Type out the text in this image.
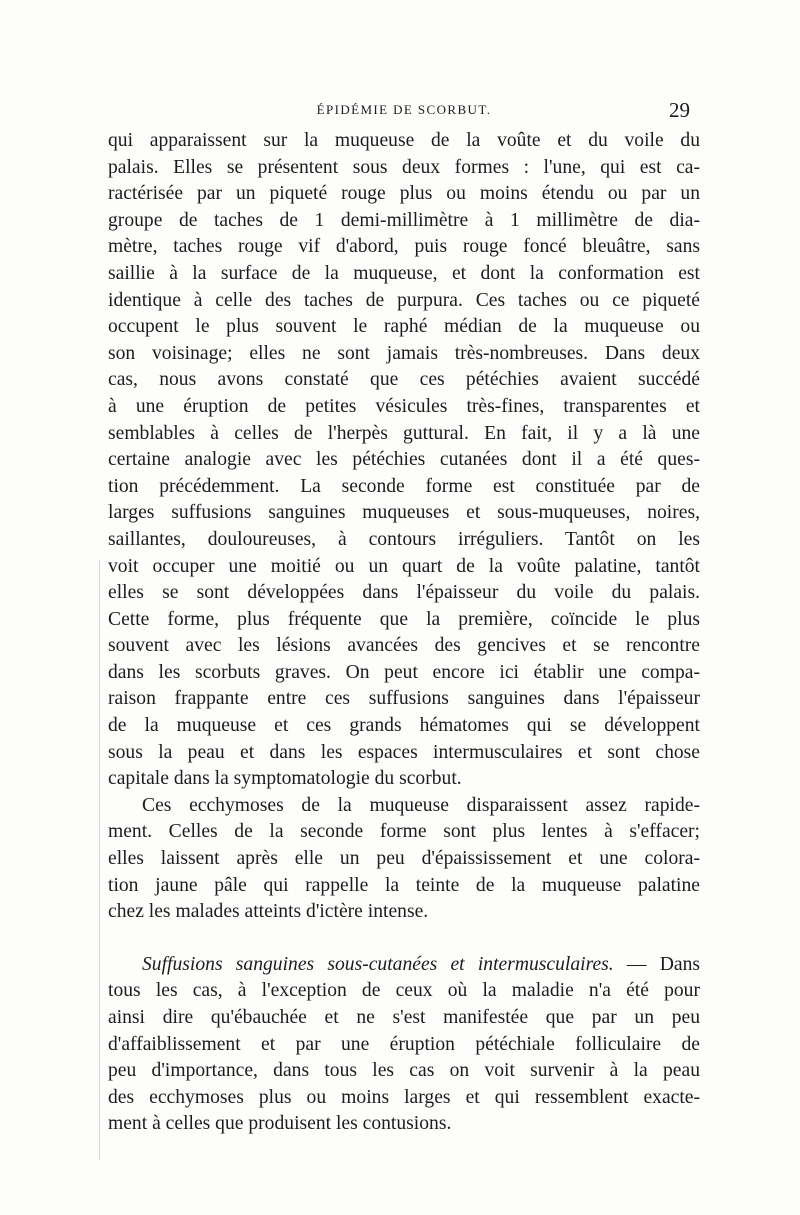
ÉPIDÉMIE DE SCORBUT.	29
qui apparaissent sur la muqueuse de la voûte et du voile du
palais. Elles se présentent sous deux formes : l'une, qui est ca-
ractérisée par un piqueté rouge plus ou moins étendu ou par un
groupe de taches de 1 demi-millimètre à 1 millimètre de dia-
mètre, taches rouge vif d'abord, puis rouge foncé bleuâtre, sans
saillie à la surface de la muqueuse, et dont la conformation est
identique à celle des taches de purpura. Ces taches ou ce piqueté
occupent le plus souvent le raphé médian de la muqueuse ou
son voisinage; elles ne sont jamais très-nombreuses. Dans deux
cas, nous avons constaté que ces pétéchies avaient succédé
à une éruption de petites vésicules très-fines, transparentes et
semblables à celles de l'herpès guttural. En fait, il y a là une
certaine analogie avec les pétéchies cutanées dont il a été ques-
tion précédemment. La seconde forme est constituée par de
larges suffusions sanguines muqueuses et sous-muqueuses, noires,
saillantes, douloureuses, à contours irréguliers. Tantôt on les
voit occuper une moitié ou un quart de la voûte palatine, tantôt
elles se sont développées dans l'épaisseur du voile du palais.
Cette forme, plus fréquente que la première, coïncide le plus
souvent avec les lésions avancées des gencives et se rencontre
dans les scorbuts graves. On peut encore ici établir une compa-
raison frappante entre ces suffusions sanguines dans l'épaisseur
de la muqueuse et ces grands hématomes qui se développent
sous la peau et dans les espaces intermusculaires et sont chose
capitale dans la symptomatologie du scorbut.
Ces ecchymoses de la muqueuse disparaissent assez rapide-
ment. Celles de la seconde forme sont plus lentes à s'effacer;
elles laissent après elle un peu d'épaississement et une colora-
tion jaune pâle qui rappelle la teinte de la muqueuse palatine
chez les malades atteints d'ictère intense.
Suffusions sanguines sous-cutanées et intermusculaires. — Dans
tous les cas, à l'exception de ceux où la maladie n'a été pour
ainsi dire qu'ébauchée et ne s'est manifestée que par un peu
d'affaiblissement et par une éruption pétéchiale folliculaire de
peu d'importance, dans tous les cas on voit survenir à la peau
des ecchymoses plus ou moins larges et qui ressemblent exacte-
ment à celles que produisent les contusions.
